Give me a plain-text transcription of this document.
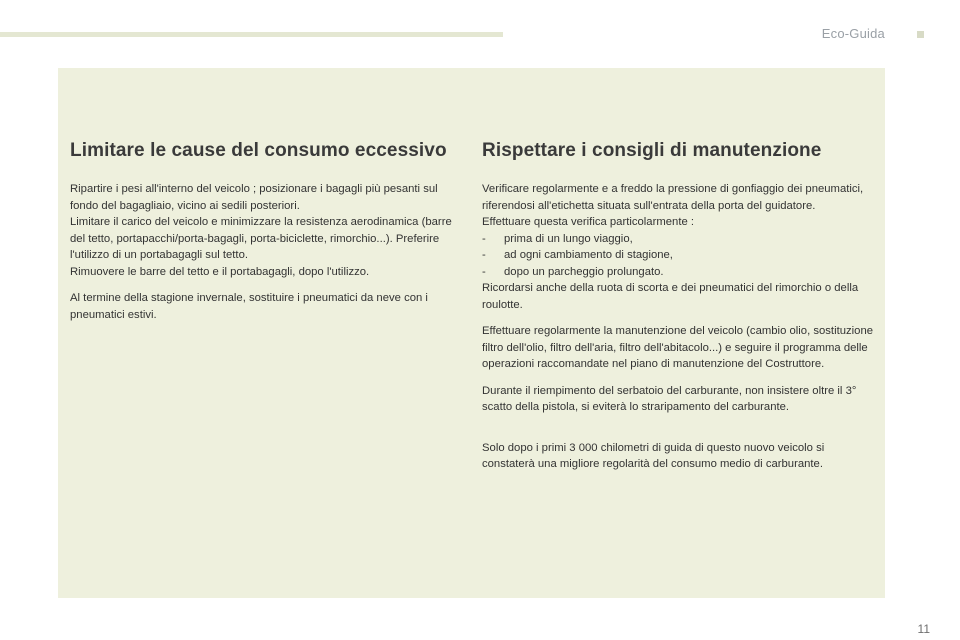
Eco-Guida
Limitare le cause del consumo eccessivo

Ripartire i pesi all'interno del veicolo ; posizionare i bagagli più pesanti sul fondo del bagagliaio, vicino ai sedili posteriori.
Limitare il carico del veicolo e minimizzare la resistenza aerodinamica (barre del tetto, portapacchi/porta-bagagli, porta-biciclette, rimorchio...). Preferire l'utilizzo di un portabagagli sul tetto.
Rimuovere le barre del tetto e il portabagagli, dopo l'utilizzo.

Al termine della stagione invernale, sostituire i pneumatici da neve con i pneumatici estivi.

Rispettare i consigli di manutenzione

Verificare regolarmente e a freddo la pressione di gonfiaggio dei pneumatici, riferendosi all'etichetta situata sull'entrata della porta del guidatore.
Effettuare questa verifica particolarmente :
- prima di un lungo viaggio,
- ad ogni cambiamento di stagione,
- dopo un parcheggio prolungato.
Ricordarsi anche della ruota di scorta e dei pneumatici del rimorchio o della roulotte.

Effettuare regolarmente la manutenzione del veicolo (cambio olio, sostituzione filtro dell'olio, filtro dell'aria, filtro dell'abitacolo...) e seguire il programma delle operazioni raccomandate nel piano di manutenzione del Costruttore.

Durante il riempimento del serbatoio del carburante, non insistere oltre il 3° scatto della pistola, si eviterà lo straripamento del carburante.

Solo dopo i primi 3 000 chilometri di guida di questo nuovo veicolo si constaterà una migliore regolarità del consumo medio di carburante.

11
